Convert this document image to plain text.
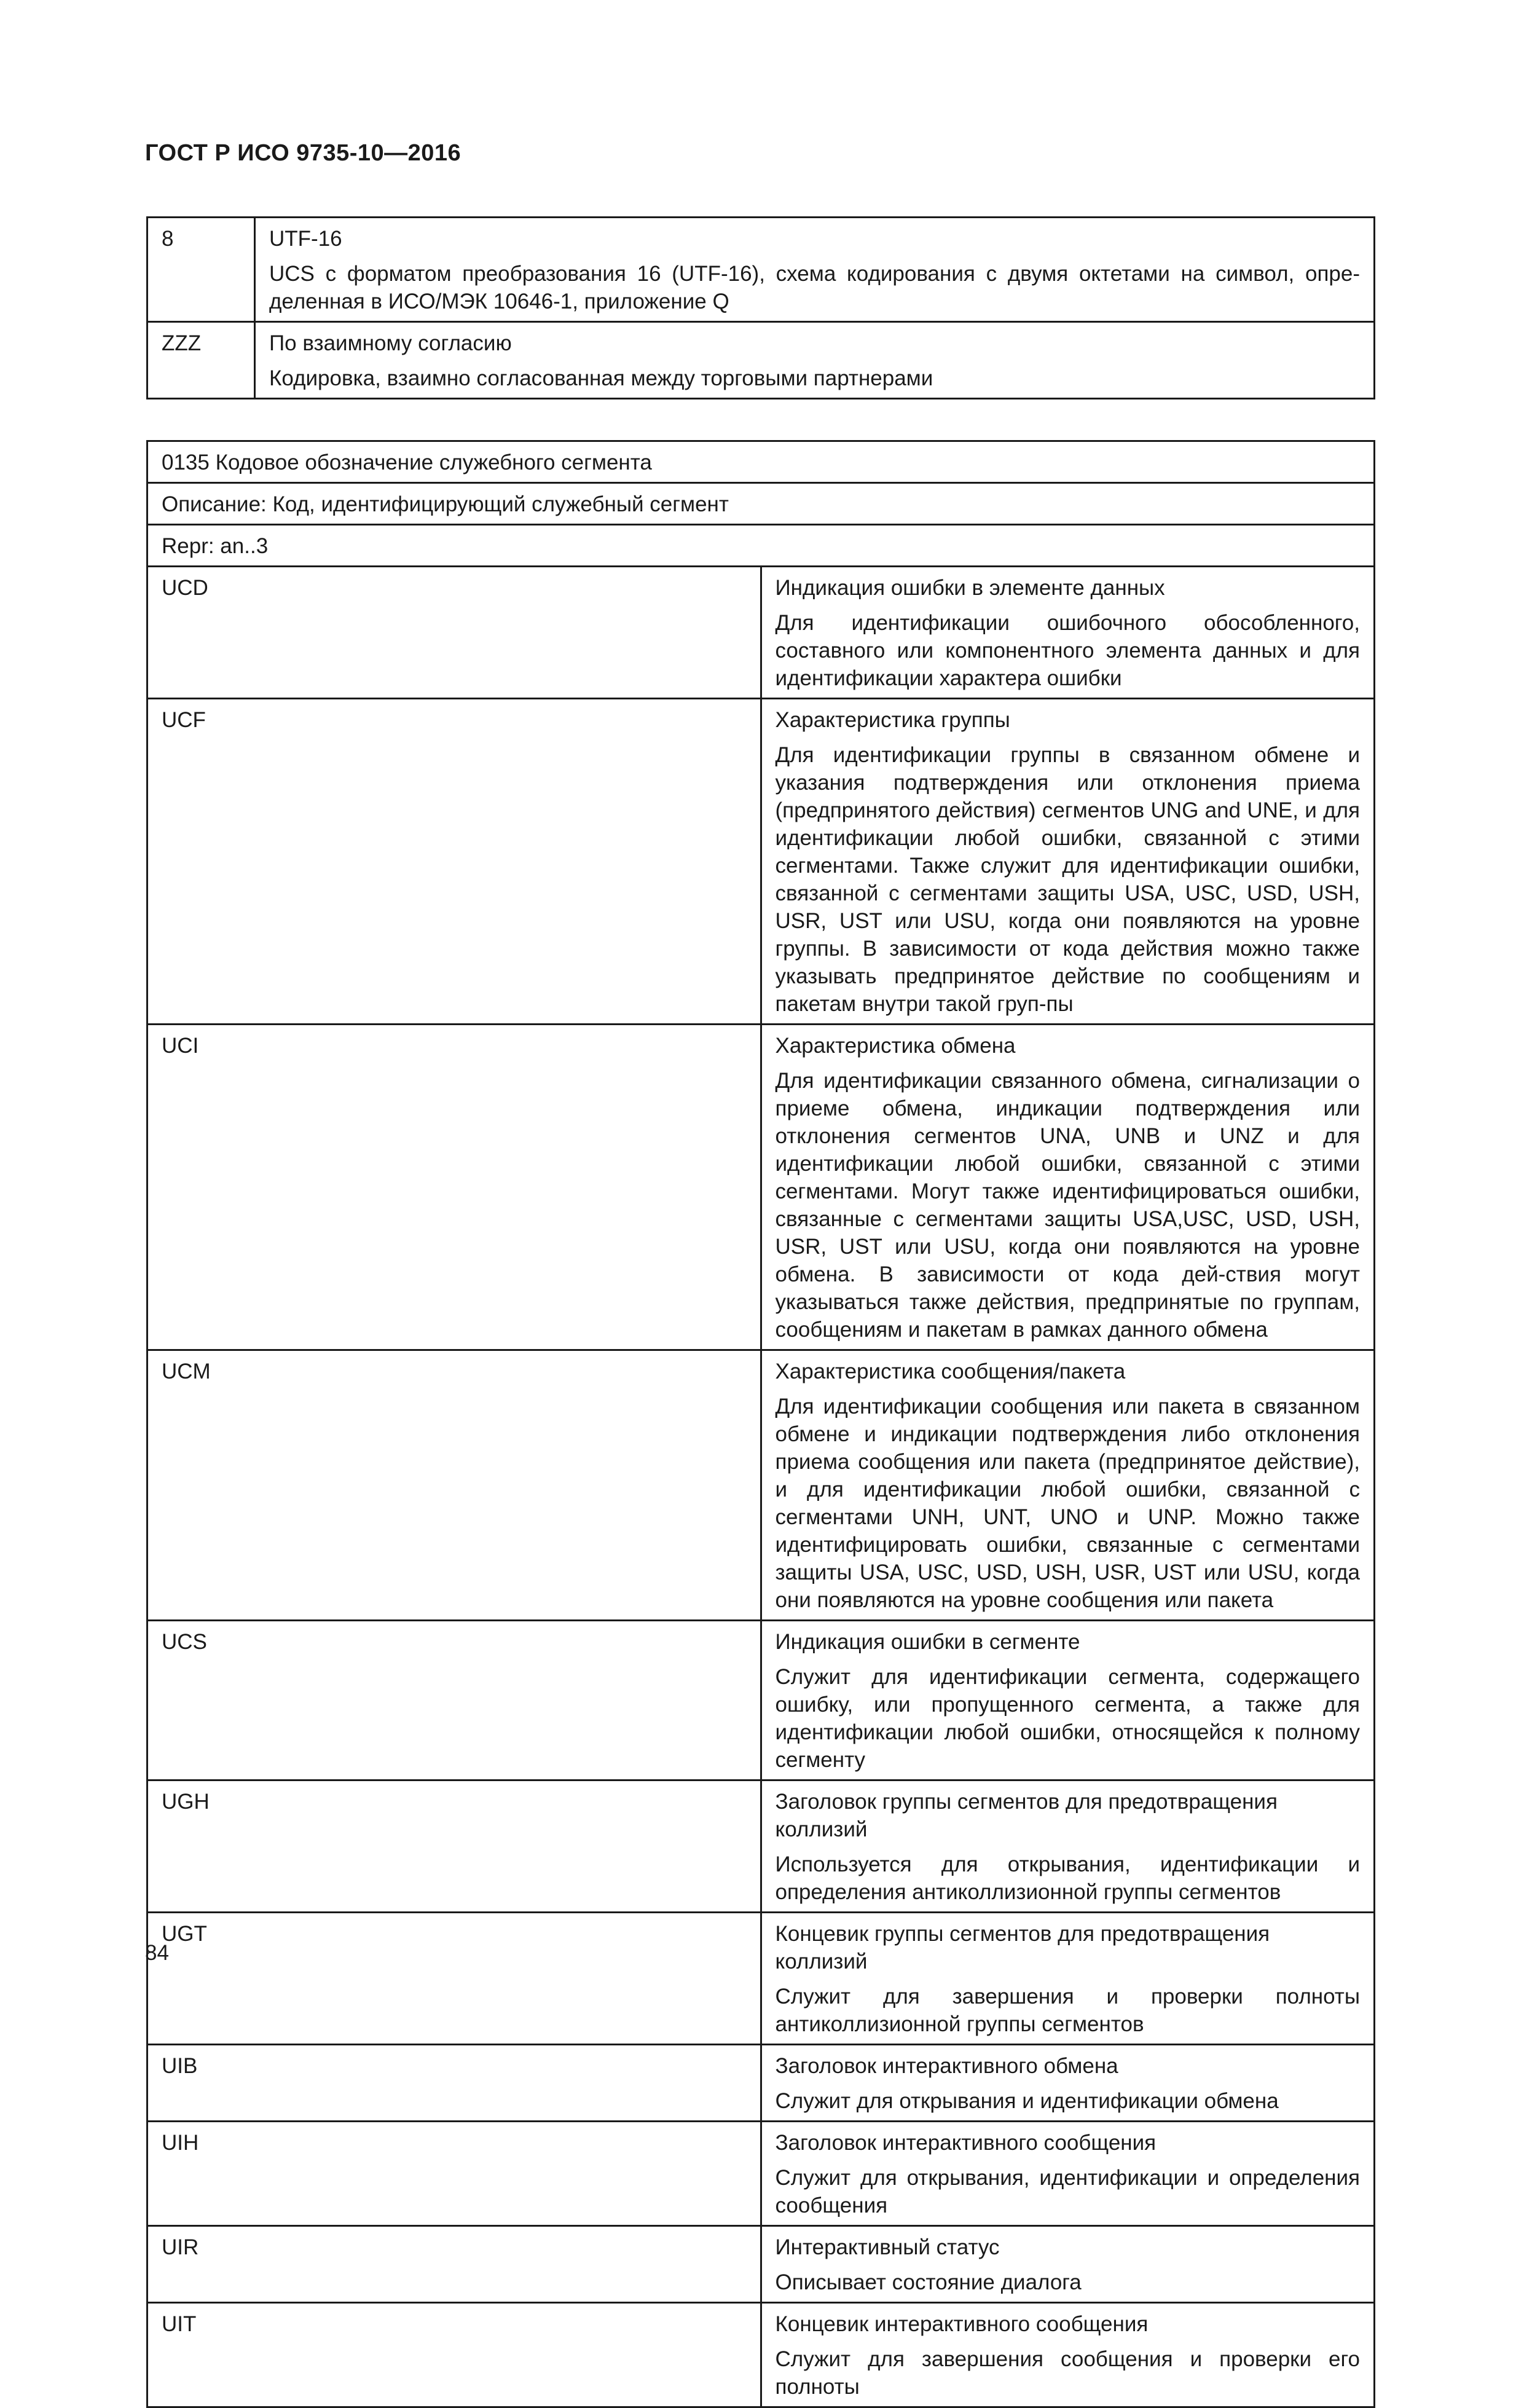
ГОСТ Р ИСО 9735-10—2016
8	UTF-16
UCS с форматом преобразования 16 (UTF-16), схема кодирования с двумя октетами на символ, опре-деленная в ИСО/МЭК 10646-1, приложение Q

ZZZ	По взаимному согласию
Кодировка, взаимно согласованная между торговыми партнерами
0135 Кодовое обозначение служебного сегмента	
Описание: Код, идентифицирующий служебный сегмент	
Repr: an..3	
UCD	Индикация ошибки в элементе данных
Для идентификации ошибочного обособленного, составного или компонентного элемента данных и для идентификации характера ошибки

UCF	Характеристика группы
Для идентификации группы в связанном обмене и указания подтверждения или отклонения приема (предпринятого действия) сегментов UNG and UNE, и для идентификации любой ошибки, связанной с этими сегментами. Также служит для идентификации ошибки, связанной с сегментами защиты USA, USC, USD, USH, USR, UST или USU, когда они появляются на уровне группы. В зависимости от кода действия можно также указывать предпринятое действие по сообщениям и пакетам внутри такой груп-пы

UCI	Характеристика обмена
Для идентификации связанного обмена, сигнализации о приеме обмена, индикации подтверждения или отклонения сегментов UNA, UNB и UNZ и для идентификации любой ошибки, связанной с этими сегментами. Могут также идентифицироваться ошибки, связанные с сегментами защиты USA,USC, USD, USH, USR, UST или USU, когда они появляются на уровне обмена. В зависимости от кода дей-ствия могут указываться также действия, предпринятые по группам, сообщениям и пакетам в рамках данного обмена

UCM	Характеристика сообщения/пакета
Для идентификации сообщения или пакета в связанном обмене и индикации подтверждения либо отклонения приема сообщения или пакета (предпринятое действие), и для идентификации любой ошибки, связанной с сегментами UNH, UNT, UNO и UNP. Можно также идентифицировать ошибки, связанные с сегментами защиты USA, USC, USD, USH, USR, UST или USU, когда они появляются на уровне сообщения или пакета

UCS	Индикация ошибки в сегменте
Служит для идентификации сегмента, содержащего ошибку, или пропущенного сегмента, а также для идентификации любой ошибки, относящейся к полному сегменту

UGH	Заголовок группы сегментов для предотвращения коллизий
Используется для открывания, идентификации и определения антиколлизионной группы сегментов

UGT	Концевик группы сегментов для предотвращения коллизий
Служит для завершения и проверки полноты антиколлизионной группы сегментов

UIB	Заголовок интерактивного обмена
Служит для открывания и идентификации обмена

UIH	Заголовок интерактивного сообщения
Служит для открывания, идентификации и определения сообщения

UIR	Интерактивный статус
Описывает состояние диалога

UIT	Концевик интерактивного сообщения
Служит для завершения сообщения и проверки его полноты
84
